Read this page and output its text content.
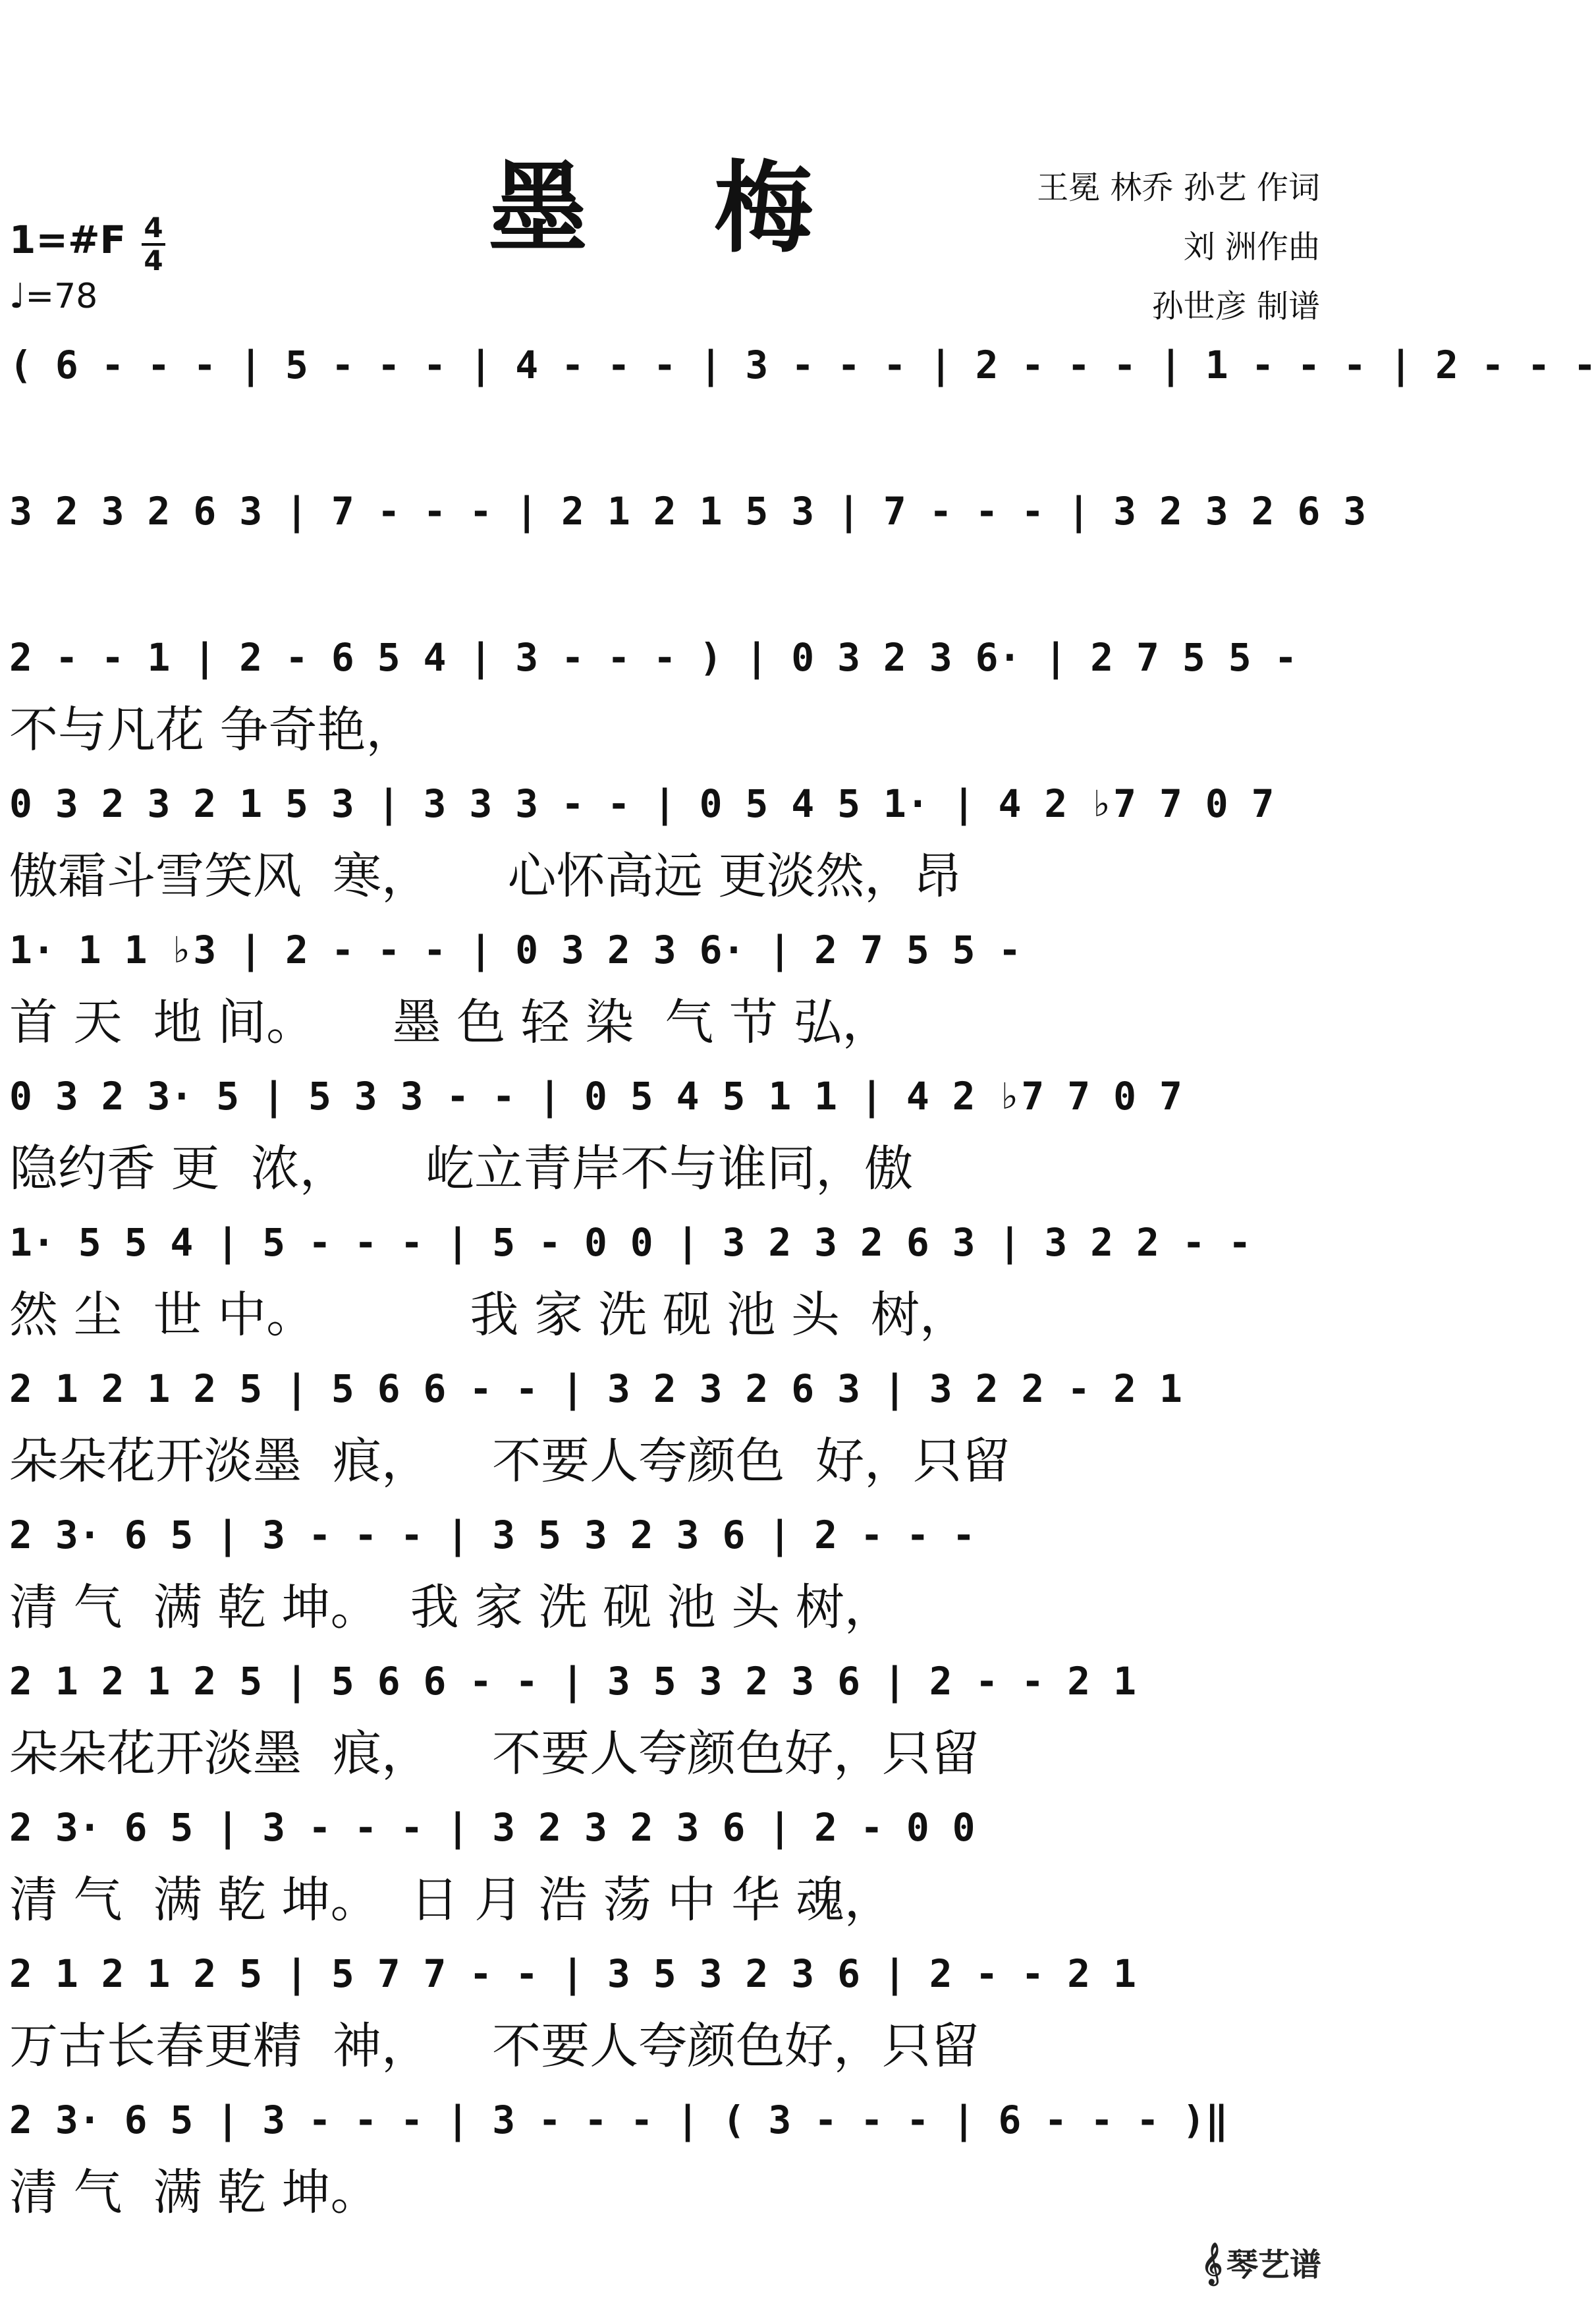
墨 梅	王冕 林乔 孙艺 作词
刘 洲作曲
孙世彦 制谱
1=#F 4
4
♩=78
( 6 - - - | 5 - - - | 4 - - - | 3 - - - | 2 - - - | 1 - - - | 2 - - -
3 2 3 2 6 3 | 7 - - - | 2 1 2 1 5 3 | 7 - - - | 3 2 3 2 6 3
2 - - 1 | 2 - 6 5 4 | 3 - - - ) | 0 3 2 3 6· | 2 7 5 5 -
不与凡花 争奇艳，
0 3 2 3 2 1 5 3 | 3 3 3 - - | 0 5 4 5 1· | 4 2 ♭7 7 0 7
傲霜斗雪笑风  寒，     心怀高远 更淡然，昂
1· 1 1 ♭3 | 2 - - - | 0 3 2 3 6· | 2 7 5 5 -
首 天  地 间。     墨 色 轻 染  气 节 弘，
0 3 2 3· 5 | 5 3 3 - - | 0 5 4 5 1 1 | 4 2 ♭7 7 0 7
隐约香 更  浓，     屹立青岸不与谁同，傲
1· 5 5 4 | 5 - - - | 5 - 0 0 | 3 2 3 2 6 3 | 3 2 2 - -
然 尘  世 中。          我 家 洗 砚 池 头  树，
2 1 2 1 2 5 | 5 6 6 - - | 3 2 3 2 6 3 | 3 2 2 - 2 1
朵朵花开淡墨  痕，    不要人夸颜色  好，只留
2 3· 6 5 | 3 - - - | 3 5 3 2 3 6 | 2 - - -
清 气  满 乾 坤。  我 家 洗 砚 池 头 树，
2 1 2 1 2 5 | 5 6 6 - - | 3 5 3 2 3 6 | 2 - - 2 1
朵朵花开淡墨  痕，    不要人夸颜色好，只留
2 3· 6 5 | 3 - - - | 3 2 3 2 3 6 | 2 - 0 0
清 气  满 乾 坤。  日 月 浩 荡 中 华 魂，
2 1 2 1 2 5 | 5 7 7 - - | 3 5 3 2 3 6 | 2 - - 2 1
万古长春更精  神，    不要人夸颜色好，只留
2 3· 6 5 | 3 - - - | 3 - - - | ( 3 - - - | 6 - - - )‖
清 气  满 乾 坤。
𝄞 琴艺谱
